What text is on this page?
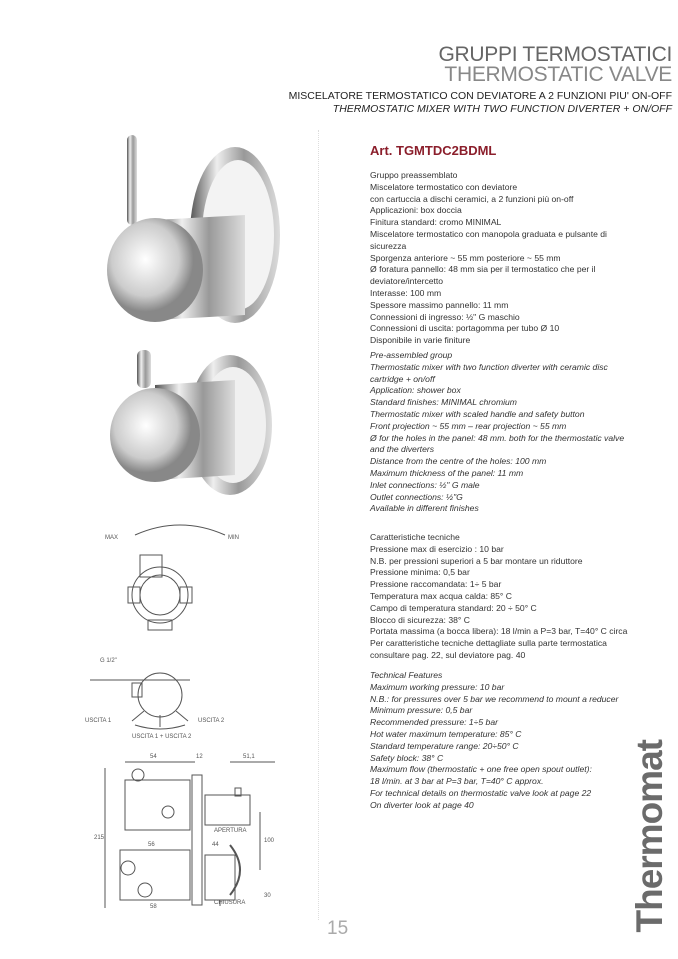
GRUPPI TERMOSTATICI
THERMOSTATIC VALVE
MISCELATORE TERMOSTATICO CON DEVIATORE A 2 FUNZIONI PIU' ON-OFF
THERMOSTATIC MIXER WITH TWO FUNCTION DIVERTER + ON/OFF
MAX	MIN
G 1/2"
USCITA 1	USCITA 2
USCITA 1 + USCITA 2
54	12	51,1
215	100
56	44
30
58
APERTURA
CHIUSURA
Art. TGMTDC2BDML
Gruppo preassemblato
Miscelatore termostatico con deviatore
con cartuccia a dischi ceramici, a 2 funzioni più on-off
Applicazioni: box doccia
Finitura standard: cromo MINIMAL
Miscelatore termostatico con manopola graduata e pulsante di
sicurezza
Sporgenza anteriore ~ 55 mm posteriore ~ 55 mm
Ø foratura pannello: 48 mm sia per il termostatico che per il
deviatore/intercetto
Interasse: 100 mm
Spessore massimo pannello: 11 mm
Connessioni di ingresso: ½" G maschio
Connessioni di uscita: portagomma per tubo Ø 10
Disponibile in varie finiture
Pre-assembled group
Thermostatic mixer with two function diverter with ceramic disc
cartridge + on/off
Application: shower box
Standard finishes: MINIMAL chromium
Thermostatic mixer with scaled handle and safety button
Front projection ~ 55 mm – rear projection ~ 55 mm
Ø for the holes in the panel: 48 mm. both for the thermostatic valve
and the diverters
Distance from the centre of the holes: 100 mm
Maximum thickness of the panel: 11 mm
Inlet connections: ½" G male
Outlet connections: ½"G
Available in different finishes
Caratteristiche tecniche
Pressione max di esercizio : 10 bar
N.B. per pressioni superiori a 5 bar montare un riduttore
Pressione minima: 0,5 bar
Pressione raccomandata: 1÷ 5 bar
Temperatura max acqua calda: 85° C
Campo di temperatura standard: 20 ÷ 50° C
Blocco di sicurezza: 38° C
Portata massima (a bocca libera): 18 l/min a P=3 bar, T=40° C circa
Per caratteristiche tecniche dettagliate sulla parte termostatica
consultare pag. 22, sul deviatore pag. 40
Technical Features
Maximum working pressure: 10 bar
N.B.: for pressures over 5 bar we recommend to mount a reducer
Minimum pressure: 0,5 bar
Recommended pressure: 1÷5 bar
Hot water maximum temperature: 85° C
Standard temperature range: 20÷50° C
Safety block: 38° C
Maximum flow (thermostatic + one free open spout outlet):
18 l/min. at 3 bar at P=3 bar, T=40° C approx.
For technical details on thermostatic valve look at page 22
On diverter look at page 40
15	Thermomat
